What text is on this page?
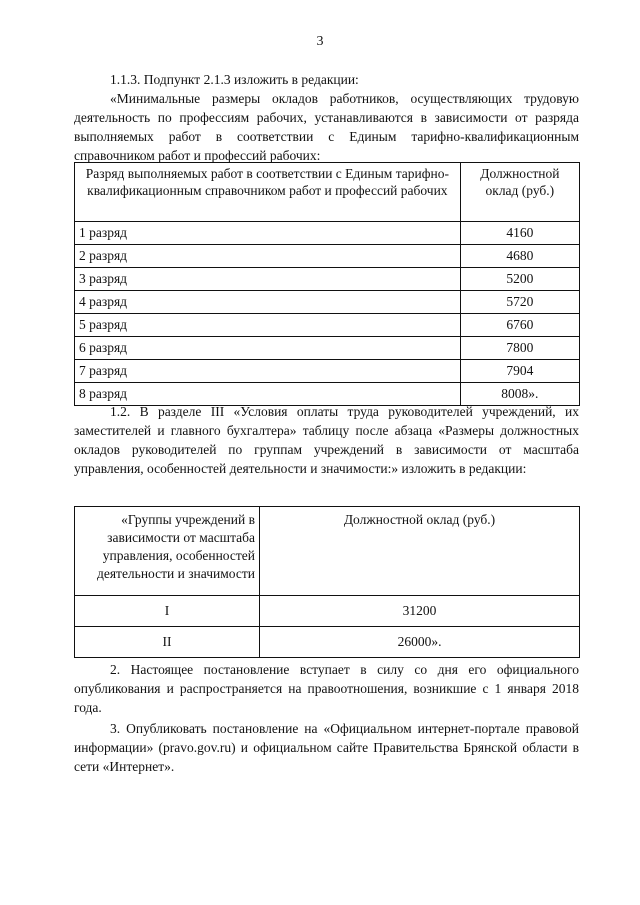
3

1.1.3. Подпункт 2.1.3 изложить в редакции:

«Минимальные размеры окладов работников, осуществляющих трудовую деятельность по профессиям рабочих, устанавливаются в зависимости от разряда выполняемых работ в соответствии с Единым тарифно-квалификационным справочником работ и профессий рабочих:

Разряд выполняемых работ в соответствии с Единым тарифно-квалификационным справочником работ и профессий рабочих	Должностной оклад (руб.)
1 разряд	4160
2 разряд	4680
3 разряд	5200
4 разряд	5720
5 разряд	6760
6 разряд	7800
7 разряд	7904
8 разряд	8008».

1.2. В разделе III «Условия оплаты труда руководителей учреждений, их заместителей и главного бухгалтера» таблицу после абзаца «Размеры должностных окладов руководителей по группам учреждений в зависимости от масштаба управления, особенностей деятельности и значимости:» изложить в редакции:

«Группы учреждений в зависимости от масштаба управления, особенностей деятельности и значимости	Должностной оклад (руб.)
I	31200
II	26000».

2. Настоящее постановление вступает в силу со дня его официального опубликования и распространяется на правоотношения, возникшие с 1 января 2018 года.

3. Опубликовать постановление на «Официальном интернет-портале правовой информации» (pravo.gov.ru) и официальном сайте Правительства Брянской области в сети «Интернет».
